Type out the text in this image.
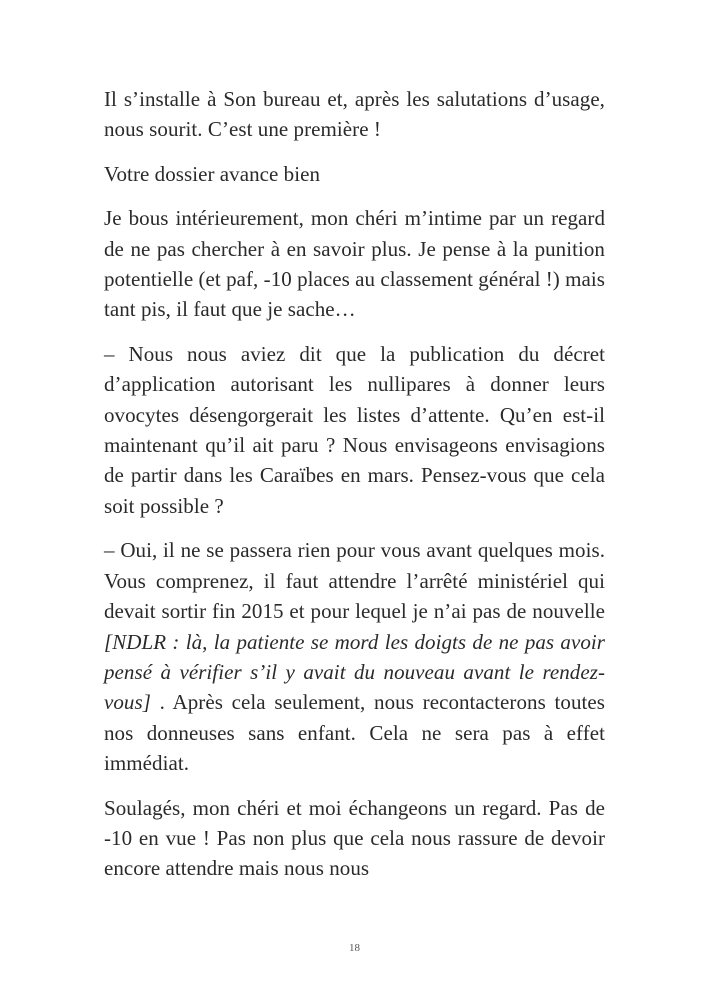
Il s’installe à Son bureau et, après les salutations d’usage, nous sourit. C’est une première !

Votre dossier avance bien

Je bous intérieurement, mon chéri m’intime par un regard de ne pas chercher à en savoir plus. Je pense à la punition potentielle (et paf, -10 places au classement général !) mais tant pis, il faut que je sache…

– Nous nous aviez dit que la publication du décret d’application autorisant les nullipares à donner leurs ovocytes désengorgerait les listes d’attente. Qu’en est-il maintenant qu’il ait paru ? Nous envisageons envisagions de partir dans les Caraïbes en mars. Pensez-vous que cela soit possible ?

– Oui, il ne se passera rien pour vous avant quelques mois. Vous comprenez, il faut attendre l’arrêté ministériel qui devait sortir fin 2015 et pour lequel je n’ai pas de nouvelle [NDLR : là, la patiente se mord les doigts de ne pas avoir pensé à vérifier s’il y avait du nouveau avant le rendez-vous] . Après cela seulement, nous recontacterons toutes nos donneuses sans enfant. Cela ne sera pas à effet immédiat.

Soulagés, mon chéri et moi échangeons un regard. Pas de -10 en vue ! Pas non plus que cela nous rassure de devoir encore attendre mais nous nous

18
